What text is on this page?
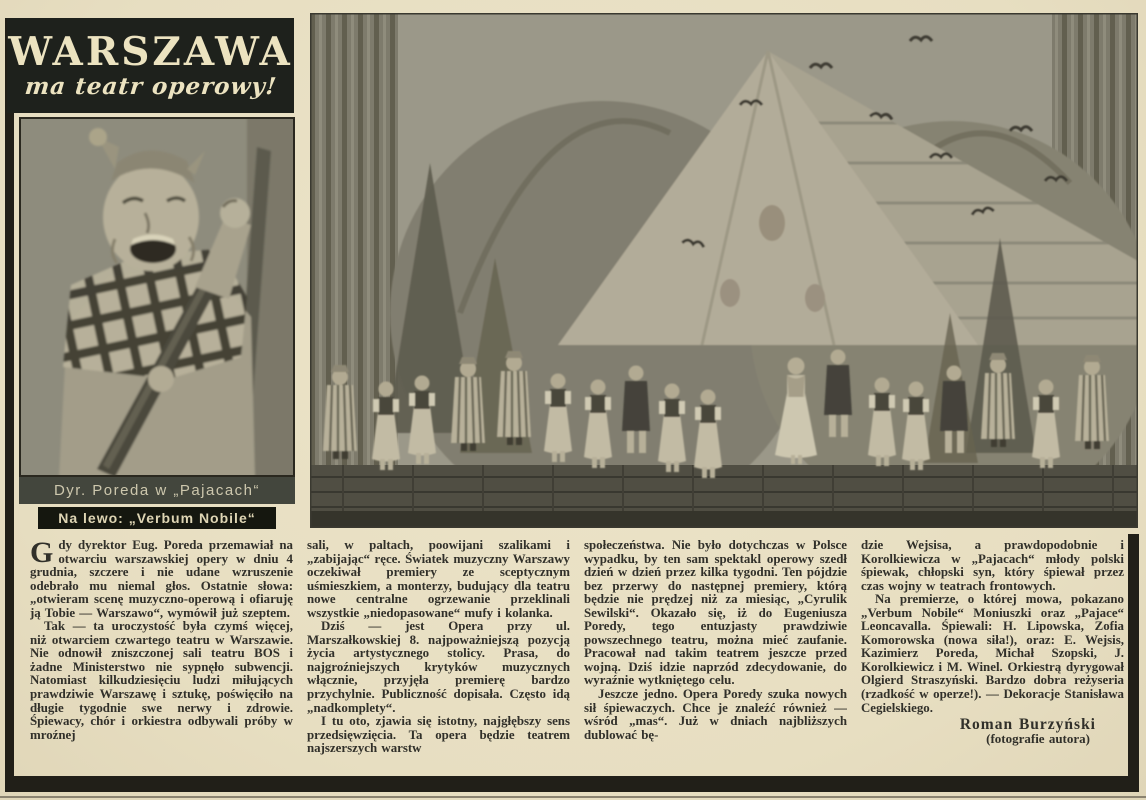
WARSZAWA
ma teatr operowy!
Dyr. Poreda w „Pajacach“
Na lewo: „Verbum Nobile“

Gdy dyrektor Eug. Poreda przemawiał na otwarciu warszawskiej opery w dniu 4 grudnia, szczere i nie udane wzruszenie odebrało mu niemal głos. Ostatnie słowa: „otwieram scenę muzyczno-operową i ofiaruję ją Tobie — Warszawo“, wymówił już szeptem.

Tak — ta uroczystość była czymś więcej, niż otwarciem czwartego teatru w Warszawie. Nie odnowił zniszczonej sali teatru BOS i żadne Ministerstwo nie sypnęło subwencji. Natomiast kilkudziesięciu ludzi miłujących prawdziwie Warszawę i sztukę, poświęciło na długie tygodnie swe nerwy i zdrowie. Śpiewacy, chór i orkiestra odbywali próby w mroźnej

sali, w paltach, poowijani szalikami i „zabijając“ ręce. Światek muzyczny Warszawy oczekiwał premiery ze sceptycznym uśmieszkiem, a monterzy, budujący dla teatru nowe centralne ogrzewanie przeklinali wszystkie „niedopasowane“ mufy i kolanka.

Dziś — jest Opera przy ul. Marszałkowskiej 8. najpoważniejszą pozycją życia artystycznego stolicy. Prasa, do najgroźniejszych krytyków muzycznych włącznie, przyjęła premierę bardzo przychylnie. Publiczność dopisała. Często idą „nadkomplety“.

I tu oto, zjawia się istotny, najgłębszy sens przedsięwzięcia. Ta opera będzie teatrem najszerszych warstw

społeczeństwa. Nie było dotychczas w Polsce wypadku, by ten sam spektakl operowy szedł dzień w dzień przez kilka tygodni. Ten pójdzie bez przerwy do następnej premiery, którą będzie nie prędzej niż za miesiąc, „Cyrulik Sewilski“. Okazało się, iż do Eugeniusza Poredy, tego entuzjasty prawdziwie powszechnego teatru, można mieć zaufanie. Pracował nad takim teatrem jeszcze przed wojną. Dziś idzie naprzód zdecydowanie, do wyraźnie wytkniętego celu.

Jeszcze jedno. Opera Poredy szuka nowych sił śpiewaczych. Chce je znaleźć również — wśród „mas“. Już w dniach najbliższych dublować bę-

dzie Wejsisa, a prawdopodobnie i Korolkiewicza w „Pajacach“ młody polski śpiewak, chłopski syn, który śpiewał przez czas wojny w teatrach frontowych.

Na premierze, o której mowa, pokazano „Verbum Nobile“ Moniuszki oraz „Pajace“ Leoncavalla. Śpiewali: H. Lipowska, Zofia Komorowska (nowa siła!), oraz: E. Wejsis, Kazimierz Poreda, Michał Szopski, J. Korolkiewicz i M. Winel. Orkiestrą dyrygował Olgierd Straszyński. Bardzo dobra reżyseria (rzadkość w operze!). — Dekoracje Stanisława Cegielskiego.

Roman Burzyński
(fotografie autora)
